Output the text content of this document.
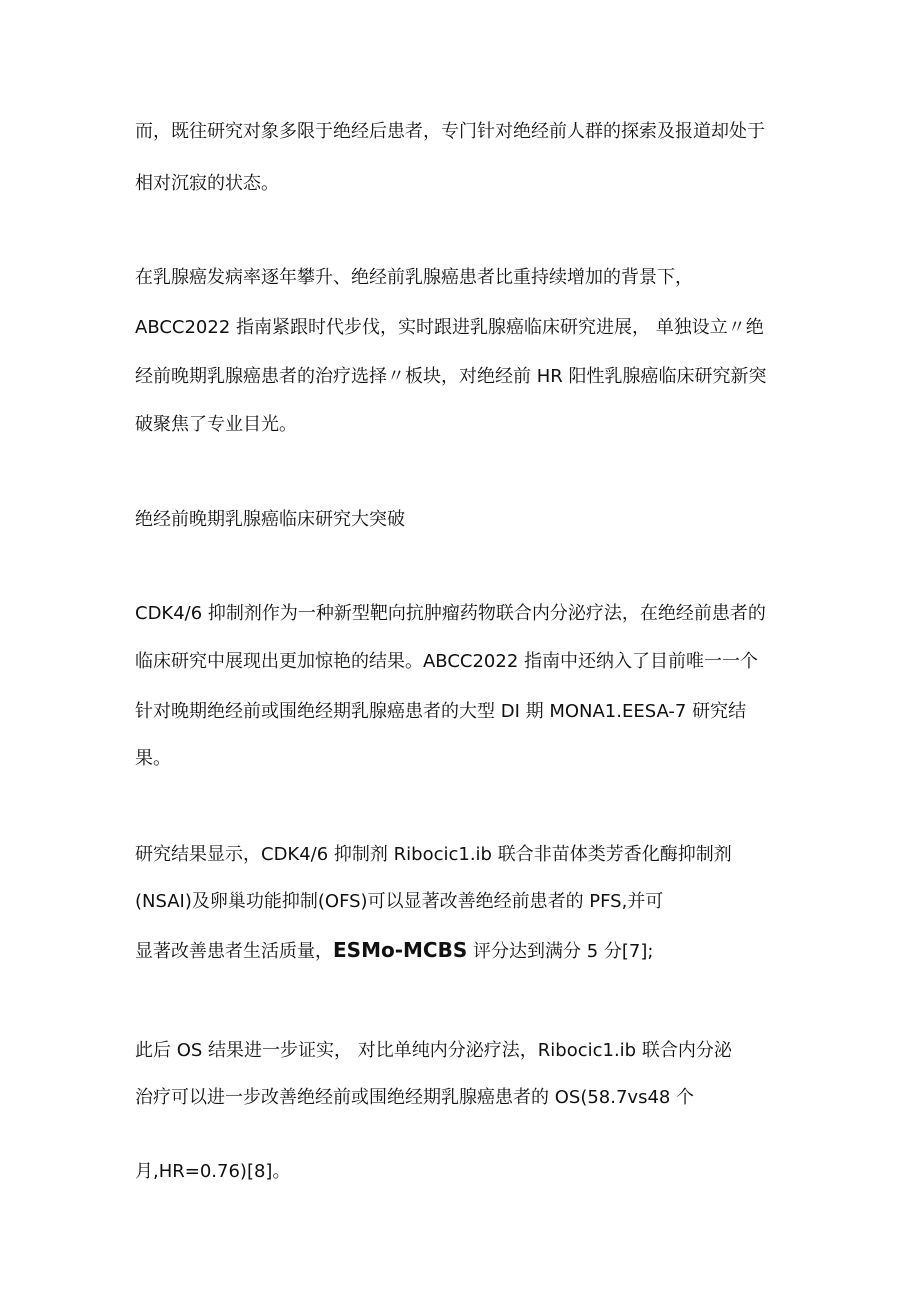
而，既往研究对象多限于绝经后患者，专门针对绝经前人群的探索及报道却处于

相对沉寂的状态。

在乳腺癌发病率逐年攀升、绝经前乳腺癌患者比重持续增加的背景下，

ABCC2022 指南紧跟时代步伐，实时跟进乳腺癌临床研究进展， 单独设立〃绝

经前晚期乳腺癌患者的治疗选择〃板块，对绝经前 HR 阳性乳腺癌临床研究新突

破聚焦了专业目光。

绝经前晚期乳腺癌临床研究大突破

CDK4/6 抑制剂作为一种新型靶向抗肿瘤药物联合内分泌疗法，在绝经前患者的

临床研究中展现出更加惊艳的结果。ABCC2022 指南中还纳入了目前唯一一个

针对晚期绝经前或围绝经期乳腺癌患者的大型 DI 期 MONA1.EESA-7 研究结

果。

研究结果显示，CDK4/6 抑制剂 Ribocic1.ib 联合非苗体类芳香化酶抑制剂

(NSAI)及卵巢功能抑制(OFS)可以显著改善绝经前患者的 PFS,并可

显著改善患者生活质量，ESMo-MCBS 评分达到满分 5 分[7];

此后 OS 结果进一步证实， 对比单纯内分泌疗法，Ribocic1.ib 联合内分泌

治疗可以进一步改善绝经前或围绝经期乳腺癌患者的 OS(58.7vs48 个

月,HR=0.76)[8]。
